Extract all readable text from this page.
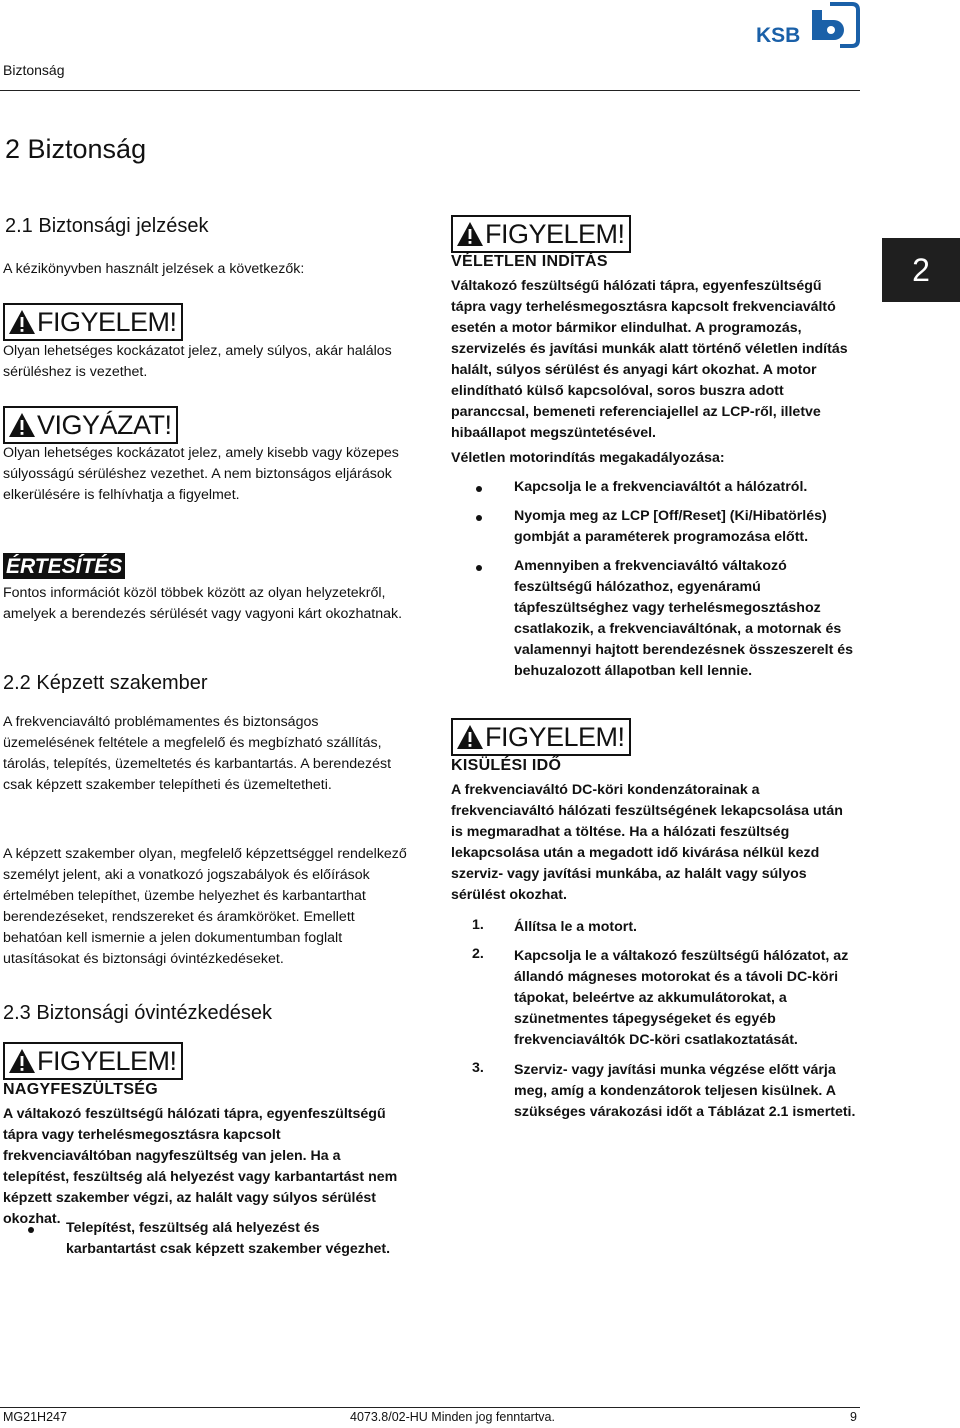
Biztonság
KSB
2
2 Biztonság
2.1 Biztonsági jelzések

A kézikönyvben használt jelzések a következők:

FIGYELEM!

Olyan lehetséges kockázatot jelez, amely súlyos, akár halálos sérüléshez is vezethet.

VIGYÁZAT!

Olyan lehetséges kockázatot jelez, amely kisebb vagy közepes súlyosságú sérüléshez vezethet. A nem biztonságos eljárások elkerülésére is felhívhatja a figyelmet.

ÉRTESÍTÉS

Fontos információt közöl többek között az olyan helyzetekről, amelyek a berendezés sérülését vagy vagyoni kárt okozhatnak.

2.2 Képzett szakember

A frekvenciaváltó problémamentes és biztonságos üzemelésének feltétele a megfelelő és megbízható szállítás, tárolás, telepítés, üzemeltetés és karbantartás. A berendezést csak képzett szakember telepítheti és üzemeltetheti.

A képzett szakember olyan, megfelelő képzettséggel rendelkező személyt jelent, aki a vonatkozó jogszabályok és előírások értelmében telepíthet, üzembe helyezhet és karbantarthat berendezéseket, rendszereket és áramköröket. Emellett behatóan kell ismernie a jelen dokumentumban foglalt utasításokat és biztonsági óvintézkedéseket.

2.3 Biztonsági óvintézkedések
FIGYELEM!
NAGYFESZÜLTSÉG

A váltakozó feszültségű hálózati tápra, egyenfeszültségű tápra vagy terhelésmegosztásra kapcsolt frekvenciaváltóban nagyfeszültség van jelen. Ha a telepítést, feszültség alá helyezést vagy karbantartást nem képzett szakember végzi, az halált vagy súlyos sérülést okozhat.

Telepítést, feszültség alá helyezést és karbantartást csak képzett szakember végezhet.

FIGYELEM!
VÉLETLEN INDÍTÁS

Váltakozó feszültségű hálózati tápra, egyenfeszültségű tápra vagy terhelésmegosztásra kapcsolt frekvenciaváltó esetén a motor bármikor elindulhat. A programozás, szervizelés és javítási munkák alatt történő véletlen indítás halált, súlyos sérülést és anyagi kárt okozhat. A motor elindítható külső kapcsolóval, soros buszra adott paranccsal, bemeneti referenciajellel az LCP-ről, illetve hibaállapot megszüntetésével.

Véletlen motorindítás megakadályozása:

Kapcsolja le a frekvenciaváltót a hálózatról.

Nyomja meg az LCP [Off/Reset] (Ki/Hibatörlés) gombját a paraméterek programozása előtt.

Amennyiben a frekvenciaváltó váltakozó feszültségű hálózathoz, egyenáramú tápfeszültséghez vagy terhelésmegosztáshoz csatlakozik, a frekvenciaváltónak, a motornak és valamennyi hajtott berendezésnek összeszerelt és behuzalozott állapotban kell lennie.

FIGYELEM!
KISÜLÉSI IDŐ

A frekvenciaváltó DC-köri kondenzátorainak a frekvenciaváltó hálózati feszültségének lekapcsolása után is megmaradhat a töltése. Ha a hálózati feszültség lekapcsolása után a megadott idő kivárása nélkül kezd szerviz- vagy javítási munkába, az halált vagy súlyos sérülést okozhat.

1. Állítsa le a motort.

2. Kapcsolja le a váltakozó feszültségű hálózatot, az állandó mágneses motorokat és a távoli DC-köri tápokat, beleértve az akkumulátorokat, a szünetmentes tápegységeket és egyéb frekvenciaváltók DC-köri csatlakoztatását.

3. Szerviz- vagy javítási munka végzése előtt várja meg, amíg a kondenzátorok teljesen kisülnek. A szükséges várakozási időt a Táblázat 2.1 ismerteti.

MG21H247	4073.8/02-HU Minden jog fenntartva.	9
